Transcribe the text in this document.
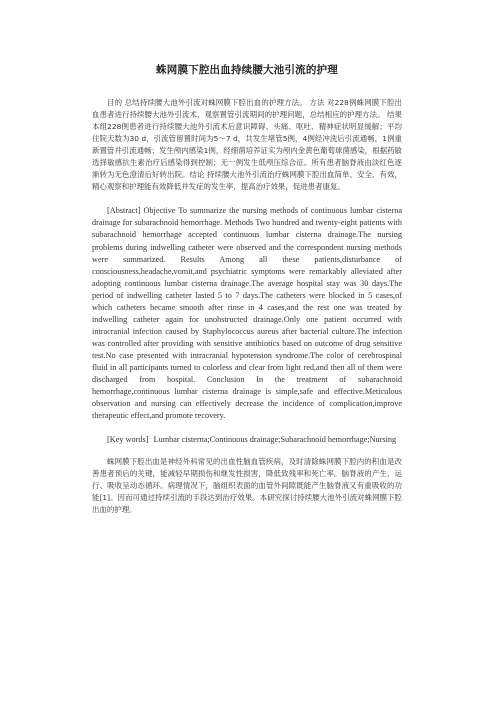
蛛网膜下腔出血持续腰大池引流的护理

目的 总结持续腰大池外引流对蛛网膜下腔出血的护理方法。 方法 对228例蛛网膜下腔出血患者进行持续腰大池外引流术，观察置管引流期间的护理问题，总结相应的护理方法。 结果 本组228例患者进行持续腰大池外引流术后意识障碍、头痛、呕吐、精神症状明显缓解；平均住院天数为30 d，引流管留置时间为5～7 d，共发生堵管5例，4例经冲洗后引流通畅，1例重新置管并引流通畅；发生颅内感染1例，经细菌培养证实为颅内金黄色葡萄球菌感染，根据药敏选择敏感抗生素治疗后感染得到控制；无一例发生低颅压综合征。所有患者脑脊液由淡红色逐渐转为无色澄清后好转出院。结论 持续腰大池外引流治疗蛛网膜下腔出血简单、安全、有效，精心观察和护理能有效降低并发症的发生率，提高治疗效果，促进患者康复。

[Abstract] Objective To summarize the nursing methods of continuous lumbar cisterna drainage for subarachnoid hemorrhage. Methods Two hundred and twenty-eight patients with subarachnoid hemorrhage accepted continuous lumbar cisterna drainage.The nursing problems during indwelling catheter were observed and the correspondent nursing methods were summarized. Results Among all these patients,disturbance of consciousness,headache,vomit,and psychiatric symptoms were remarkably alleviated after adopting continuous lumbar cisterna drainage.The average hospital stay was 30 days.The period of indwelling catheter lasted 5 to 7 days.The catheters were blocked in 5 cases,of which catheters became smooth after rinse in 4 cases,and the rest one was treated by indwelling catheter again for unobstructed drainage.Only one patient occurred with intracranial infection caused by Staphylococcus aureus after bacterial culture.The infection was controlled after providing with sensitive antibiotics based on outcome of drug sensitive test.No case presented with intracranial hypotension syndrome.The color of cerebrospinal fluid in all participants turned to colorless and clear from light red,and then all of them were discharged from hospital. Conclusion In the treatment of subarachnoid hemorrhage,continuous lumbar cisterna drainage is simple,safe and effective.Meticulous observation and nursing can effectively decrease the incidence of complication,improve therapeutic effect,and promote recovery.

[Key words] Lumbar cisterna;Continuous drainage;Subarachnoid hemorrhage;Nursing

蛛网膜下腔出血是神经外科常见的出血性脑血管疾病，及时清除蛛网膜下腔内的积血是改善患者预后的关键，能减轻早期损伤和继发性损害，降低致残率和死亡率。脑脊液的产生、运行、吸收呈动态循环。病理情况下，脑组织表面的血管外间隙既能产生脑脊液又有重吸收的功能[1]。因而可通过持续引流的手段达到治疗效果。本研究探讨持续腰大池外引流对蛛网膜下腔出血的护理。
